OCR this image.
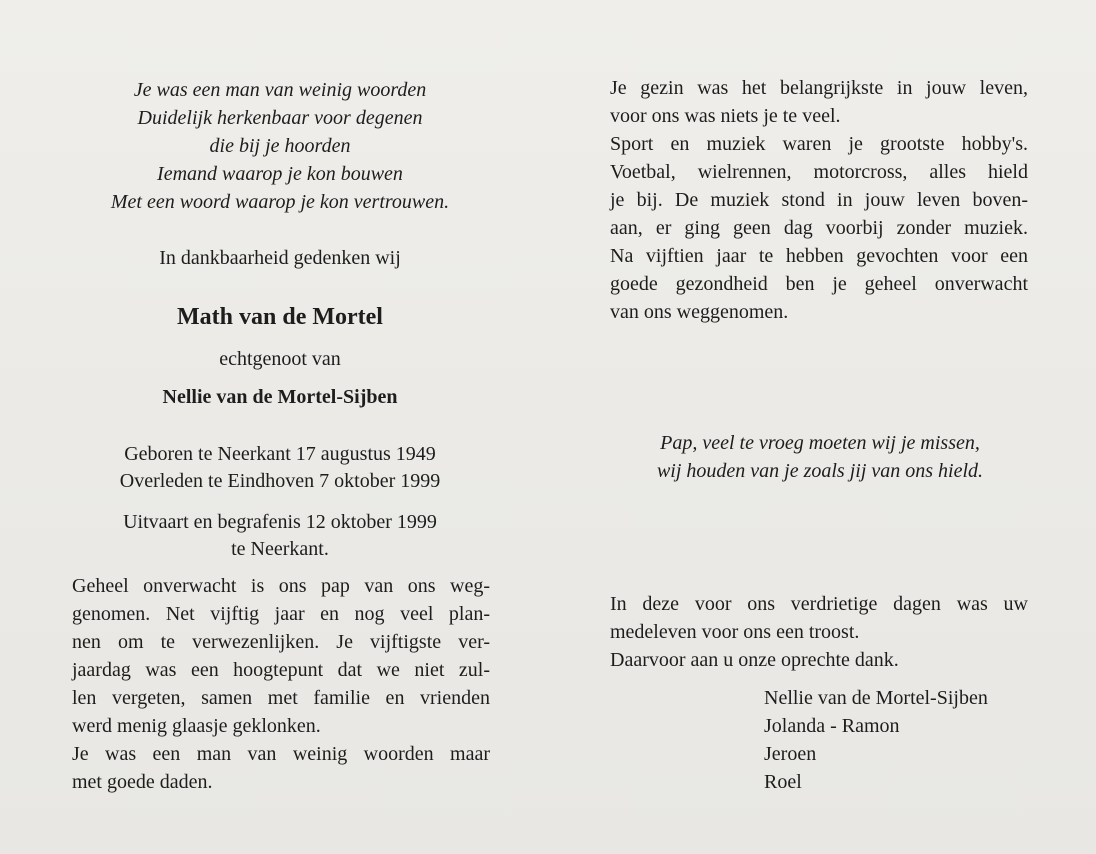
Je was een man van weinig woorden
Duidelijk herkenbaar voor degenen
die bij je hoorden
Iemand waarop je kon bouwen
Met een woord waarop je kon vertrouwen.
In dankbaarheid gedenken wij
Math van de Mortel
echtgenoot van
Nellie van de Mortel-Sijben
Geboren te Neerkant 17 augustus 1949
Overleden te Eindhoven 7 oktober 1999
Uitvaart en begrafenis 12 oktober 1999
te Neerkant.
Geheel onverwacht is ons pap van ons weg-
genomen. Net vijftig jaar en nog veel plan-
nen om te verwezenlijken. Je vijftigste ver-
jaardag was een hoogtepunt dat we niet zul-
len vergeten, samen met familie en vrienden
werd menig glaasje geklonken.
Je was een man van weinig woorden maar
met goede daden.
Je gezin was het belangrijkste in jouw leven,
voor ons was niets je te veel.
Sport en muziek waren je grootste hobby's.
Voetbal, wielrennen, motorcross, alles hield
je bij. De muziek stond in jouw leven boven-
aan, er ging geen dag voorbij zonder muziek.
Na vijftien jaar te hebben gevochten voor een
goede gezondheid ben je geheel onverwacht
van ons weggenomen.
Pap, veel te vroeg moeten wij je missen,
wij houden van je zoals jij van ons hield.
In deze voor ons verdrietige dagen was uw
medeleven voor ons een troost.
Daarvoor aan u onze oprechte dank.
Nellie van de Mortel-Sijben
Jolanda - Ramon
Jeroen
Roel
